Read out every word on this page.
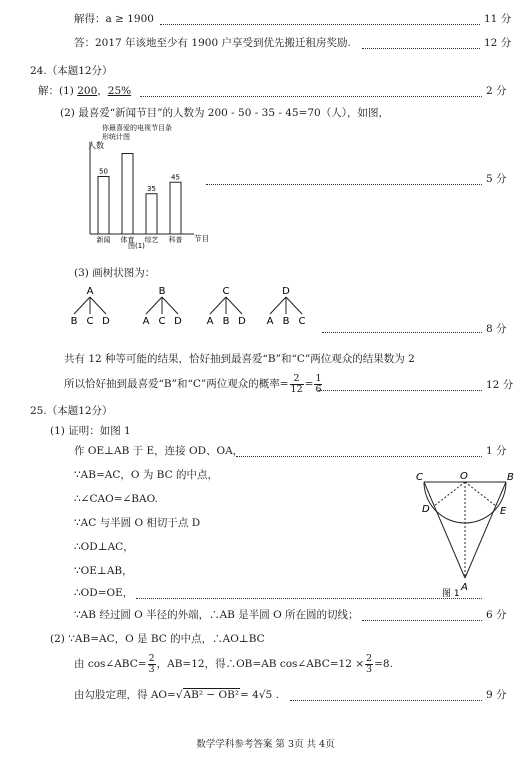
解得：a ≥ 1900	11 分
答：2017 年该地至少有 1900 户享受到优先搬迁租房奖励.	12 分
24.（本题12分）
解：(1) 200，25%	2 分
(2) 最喜爱“新闻节目”的人数为 200 - 50 - 35 - 45=70（人），如图，
你最喜爱的电视节目条
形统计图
人数
50
新闻 体育
35
综艺
45
科普 节目
图(1)
5 分
(3) 画树状图为：
A
B C D
B
A C D
C
A B D
D
A B C
8 分
共有 12 种等可能的结果，恰好抽到最喜爱“B”和“C”两位观众的结果数为 2
所以恰好抽到最喜爱“B”和“C”两位观众的概率= $\frac{2}{12} = \frac{1}{6}$	12 分
25.（本题12分）
(1) 证明：如图 1
作 OE⊥AB 于 E，连接 OD、OA，	1 分
∵AB=AC，O 为 BC 的中点，
∴∠CAO=∠BAO.
∵AC 与半圆 O 相切于点 D
∴OD⊥AC，
∵OE⊥AB，
∴OD=OE，
∵AB 经过圆 O 半径的外端，∴AB 是半圆 O 所在圆的切线；	6 分
C	O	B
D	E
A
图 1
(2) ∵AB=AC，O 是 BC 的中点，∴AO⊥BC
由 cos∠ABC= $\frac{2}{3}$ ，AB=12，得∴OB=AB cos∠ABC=12 × $\frac{2}{3} =8$.
由勾股定理，得 AO=√AB² − OB²= 4√5 .	9 分
数学学科参考答案 第 3页 共 4页
